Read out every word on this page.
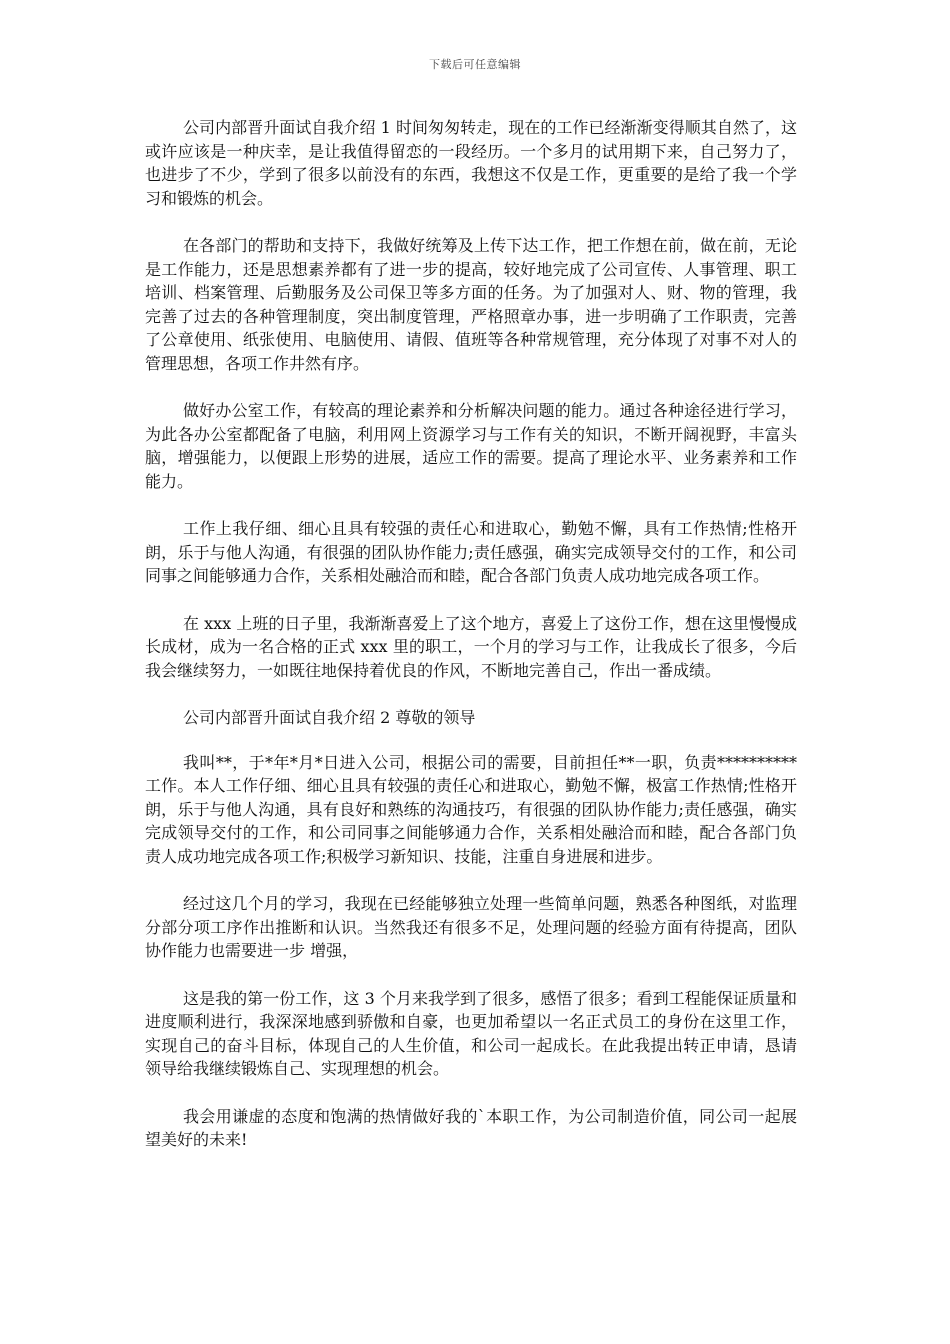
下载后可任意编辑

公司内部晋升面试自我介绍 1 时间匆匆转走，现在的工作已经渐渐变得顺其自然了，这或许应该是一种庆幸，是让我值得留恋的一段经历。一个多月的试用期下来，自己努力了，也进步了不少，学到了很多以前没有的东西，我想这不仅是工作，更重要的是给了我一个学习和锻炼的机会。

在各部门的帮助和支持下，我做好统筹及上传下达工作，把工作想在前，做在前，无论是工作能力，还是思想素养都有了进一步的提高，较好地完成了公司宣传、人事管理、职工培训、档案管理、后勤服务及公司保卫等多方面的任务。为了加强对人、财、物的管理，我完善了过去的各种管理制度，突出制度管理，严格照章办事，进一步明确了工作职责，完善了公章使用、纸张使用、电脑使用、请假、值班等各种常规管理，充分体现了对事不对人的管理思想，各项工作井然有序。

做好办公室工作，有较高的理论素养和分析解决问题的能力。通过各种途径进行学习，为此各办公室都配备了电脑，利用网上资源学习与工作有关的知识，不断开阔视野，丰富头脑，增强能力，以便跟上形势的进展，适应工作的需要。提高了理论水平、业务素养和工作能力。

工作上我仔细、细心且具有较强的责任心和进取心，勤勉不懈，具有工作热情;性格开朗，乐于与他人沟通，有很强的团队协作能力;责任感强，确实完成领导交付的工作，和公司同事之间能够通力合作，关系相处融洽而和睦，配合各部门负责人成功地完成各项工作。

在 xxx 上班的日子里，我渐渐喜爱上了这个地方，喜爱上了这份工作，想在这里慢慢成长成材，成为一名合格的正式 xxx 里的职工，一个月的学习与工作，让我成长了很多，今后我会继续努力，一如既往地保持着优良的作风，不断地完善自己，作出一番成绩。

公司内部晋升面试自我介绍 2 尊敬的领导

我叫**，于*年*月*日进入公司，根据公司的需要，目前担任**一职，负责**********工作。本人工作仔细、细心且具有较强的责任心和进取心，勤勉不懈，极富工作热情;性格开朗，乐于与他人沟通，具有良好和熟练的沟通技巧，有很强的团队协作能力;责任感强，确实完成领导交付的工作，和公司同事之间能够通力合作，关系相处融洽而和睦，配合各部门负责人成功地完成各项工作;积极学习新知识、技能，注重自身进展和进步。

经过这几个月的学习，我现在已经能够独立处理一些简单问题，熟悉各种图纸，对监理分部分项工序作出推断和认识。当然我还有很多不足，处理问题的经验方面有待提高，团队协作能力也需要进一步 增强，

这是我的第一份工作，这 3 个月来我学到了很多，感悟了很多；看到工程能保证质量和进度顺利进行，我深深地感到骄傲和自豪，也更加希望以一名正式员工的身份在这里工作，实现自己的奋斗目标，体现自己的人生价值，和公司一起成长。在此我提出转正申请，恳请领导给我继续锻炼自己、实现理想的机会。

我会用谦虚的态度和饱满的热情做好我的`本职工作，为公司制造价值，同公司一起展望美好的未来!
